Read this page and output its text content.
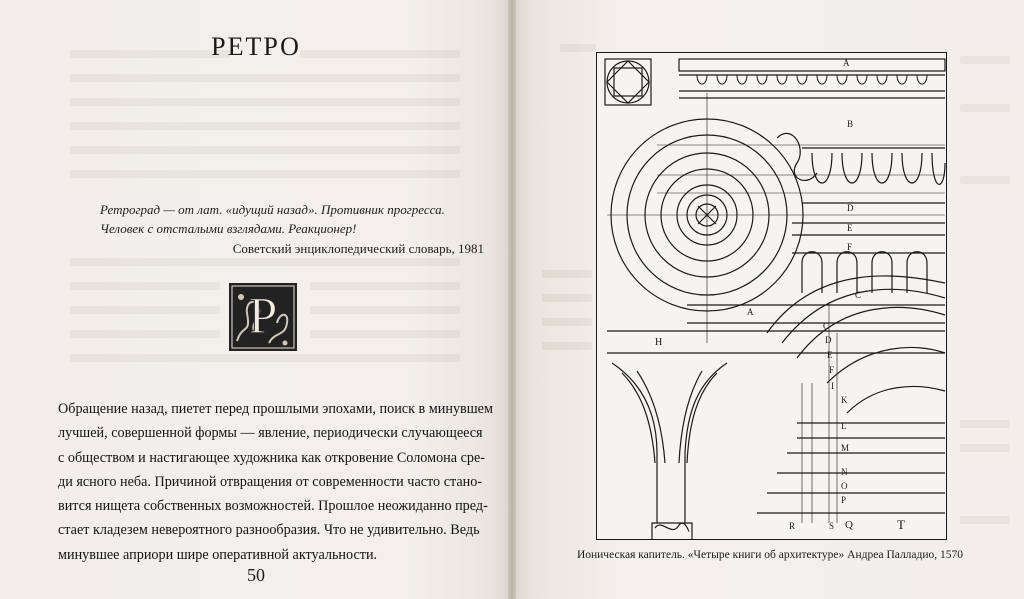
РЕТРО
Ретроград — от лат. «идущий назад». Противник прогресса.
Человек с отсталыми взглядами. Реакционер!
Советский энциклопедический словарь, 1981
Р

Обращение назад, пиетет перед прошлыми эпохами, поиск в минувшем
лучшей, совершенной формы — явление, периодически случающееся
с обществом и настигающее художника как откровение Соломона сре-
ди ясного неба. Причиной отвращения от современности часто стано-
вится нищета собственных возможностей. Прошлое неожиданно пред-
стает кладезем невероятного разнообразия. Что не удивительно. Ведь
минувшее априори шире оперативной актуальности.

50
A
B
D
E
F
C
H
A
C
D
E
F
I
K
L
M
N
O
P
Q
R	S	T
Ионическая капитель. «Четыре книги об архитектуре» Андреа Палладио, 1570
